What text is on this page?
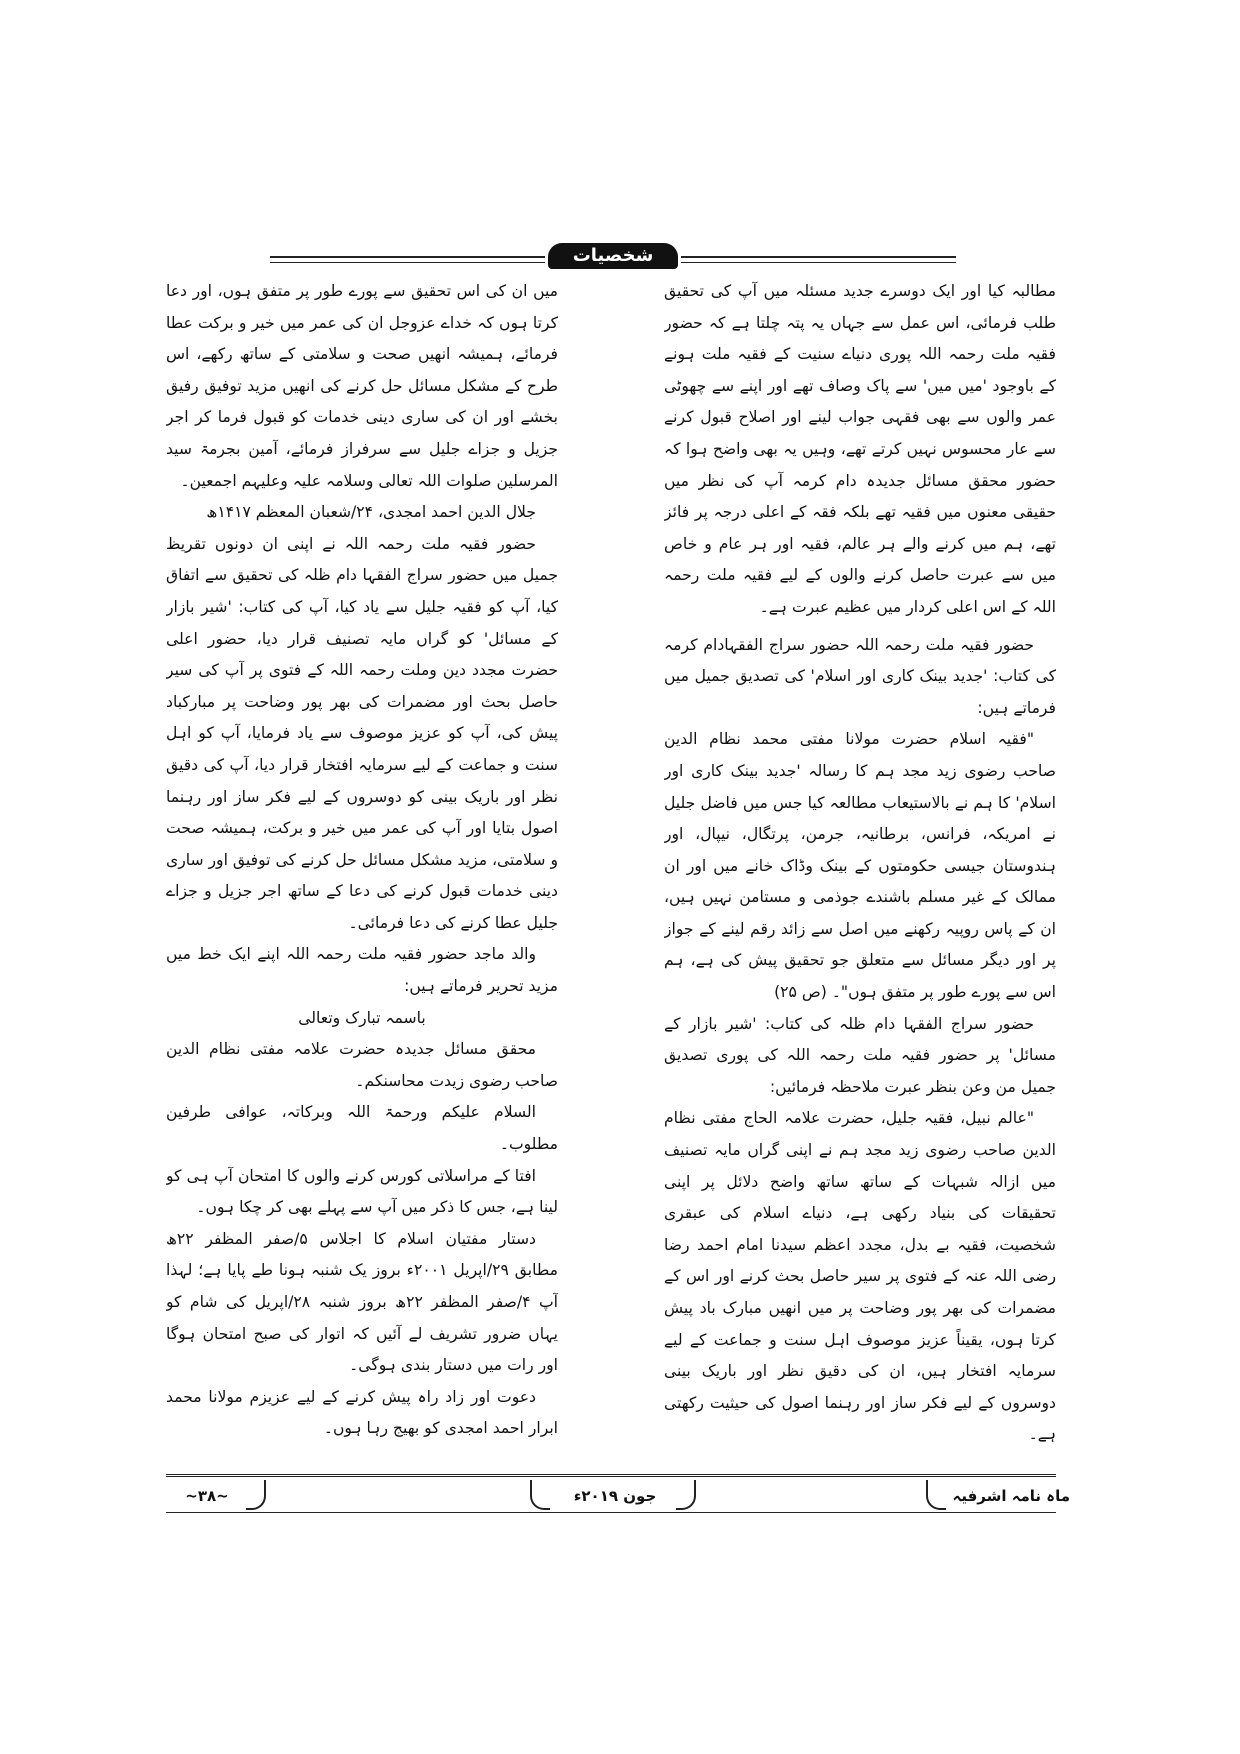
شخصیات

مطالبہ کیا اور ایک دوسرے جدید مسئلہ میں آپ کی تحقیق طلب فرمائی، اس عمل سے جہاں یہ پتہ چلتا ہے کہ حضور فقیہ ملت رحمہ اللہ پوری دنیاے سنیت کے فقیہ ملت ہونے کے باوجود 'میں میں' سے پاک وصاف تھے اور اپنے سے چھوٹی عمر والوں سے بھی فقہی جواب لینے اور اصلاح قبول کرنے سے عار محسوس نہیں کرتے تھے، وہیں یہ بھی واضح ہوا کہ حضور محقق مسائل جدیدہ دام کرمہ آپ کی نظر میں حقیقی معنوں میں فقیہ تھے بلکہ فقہ کے اعلی درجہ پر فائز تھے، ہم میں کرنے والے ہر عالم، فقیہ اور ہر عام و خاص میں سے عبرت حاصل کرنے والوں کے لیے فقیہ ملت رحمہ اللہ کے اس اعلی کردار میں عظیم عبرت ہے۔

حضور فقیہ ملت رحمہ اللہ حضور سراج الفقہادام کرمہ کی کتاب: 'جدید بینک کاری اور اسلام' کی تصدیق جمیل میں فرماتے ہیں:

"فقیہ اسلام حضرت مولانا مفتی محمد نظام الدین صاحب رضوی زید مجد ہم کا رسالہ 'جدید بینک کاری اور اسلام' کا ہم نے بالاستیعاب مطالعہ کیا جس میں فاضل جلیل نے امریکہ، فرانس، برطانیہ، جرمن، پرتگال، نیپال، اور ہندوستان جیسی حکومتوں کے بینک وڈاک خانے میں اور ان ممالک کے غیر مسلم باشندے جوذمی و مستامن نہیں ہیں، ان کے پاس روپیہ رکھنے میں اصل سے زائد رقم لینے کے جواز پر اور دیگر مسائل سے متعلق جو تحقیق پیش کی ہے، ہم اس سے پورے طور پر متفق ہوں"۔ (ص ۲۵)

حضور سراج الفقہا دام ظلہ کی کتاب: 'شیر بازار کے مسائل' پر حضور فقیہ ملت رحمہ اللہ کی پوری تصدیق جمیل من وعن بنظر عبرت ملاحظہ فرمائیں:

"عالم نبیل، فقیہ جلیل، حضرت علامہ الحاج مفتی نظام الدین صاحب رضوی زید مجد ہم نے اپنی گراں مایہ تصنیف میں ازالہ شبہات کے ساتھ ساتھ واضح دلائل پر اپنی تحقیقات کی بنیاد رکھی ہے، دنیاے اسلام کی عبقری شخصیت، فقیہ بے بدل، مجدد اعظم سیدنا امام احمد رضا رضی اللہ عنہ کے فتوی پر سیر حاصل بحث کرنے اور اس کے مضمرات کی بھر پور وضاحت پر میں انھیں مبارک باد پیش کرتا ہوں، یقیناً عزیز موصوف اہل سنت و جماعت کے لیے سرمایہ افتخار ہیں، ان کی دقیق نظر اور باریک بینی دوسروں کے لیے فکر ساز اور رہنما اصول کی حیثیت رکھتی ہے۔

میں ان کی اس تحقیق سے پورے طور پر متفق ہوں، اور دعا کرتا ہوں کہ خداے عزوجل ان کی عمر میں خیر و برکت عطا فرمائے، ہمیشہ انھیں صحت و سلامتی کے ساتھ رکھے، اس طرح کے مشکل مسائل حل کرنے کی انھیں مزید توفیق رفیق بخشے اور ان کی ساری دینی خدمات کو قبول فرما کر اجر جزیل و جزاے جلیل سے سرفراز فرمائے، آمین بجرمۃ سید المرسلین صلوات اللہ تعالی وسلامہ علیہ وعلیہم اجمعین۔

جلال الدین احمد امجدی، ۲۴/شعبان المعظم ۱۴۱۷ھ

حضور فقیہ ملت رحمہ اللہ نے اپنی ان دونوں تقریظ جمیل میں حضور سراج الفقہا دام ظلہ کی تحقیق سے اتفاق کیا، آپ کو فقیہ جلیل سے یاد کیا، آپ کی کتاب: 'شیر بازار کے مسائل' کو گراں مایہ تصنیف قرار دیا، حضور اعلی حضرت مجدد دین وملت رحمہ اللہ کے فتوی پر آپ کی سیر حاصل بحث اور مضمرات کی بھر پور وضاحت پر مبارکباد پیش کی، آپ کو عزیز موصوف سے یاد فرمایا، آپ کو اہل سنت و جماعت کے لیے سرمایہ افتخار قرار دیا، آپ کی دقیق نظر اور باریک بینی کو دوسروں کے لیے فکر ساز اور رہنما اصول بتایا اور آپ کی عمر میں خیر و برکت، ہمیشہ صحت و سلامتی، مزید مشکل مسائل حل کرنے کی توفیق اور ساری دینی خدمات قبول کرنے کی دعا کے ساتھ اجر جزیل و جزاے جلیل عطا کرنے کی دعا فرمائی۔

والد ماجد حضور فقیہ ملت رحمہ اللہ اپنے ایک خط میں مزید تحریر فرماتے ہیں:

باسمہ تبارک وتعالی

محقق مسائل جدیدہ حضرت علامہ مفتی نظام الدین صاحب رضوی زیدت محاسنکم۔

السلام علیکم ورحمۃ اللہ وبرکاتہ، عوافی طرفین مطلوب۔

افتا کے مراسلاتی کورس کرنے والوں کا امتحان آپ ہی کو لینا ہے، جس کا ذکر میں آپ سے پہلے بھی کر چکا ہوں۔

دستار مفتیان اسلام کا اجلاس ۵/صفر المظفر ۲۲ھ مطابق ۲۹/اپریل ۲۰۰۱ء بروز یک شنبہ ہونا طے پایا ہے؛ لہذا آپ ۴/صفر المظفر ۲۲ھ بروز شنبہ ۲۸/اپریل کی شام کو یہاں ضرور تشریف لے آئیں کہ اتوار کی صبح امتحان ہوگا اور رات میں دستار بندی ہوگی۔

دعوت اور زاد راہ پیش کرنے کے لیے عزیزم مولانا محمد ابرار احمد امجدی کو بھیج رہا ہوں۔

~۳۸~	جون ۲۰۱۹ء	ماہ نامہ اشرفیہ
